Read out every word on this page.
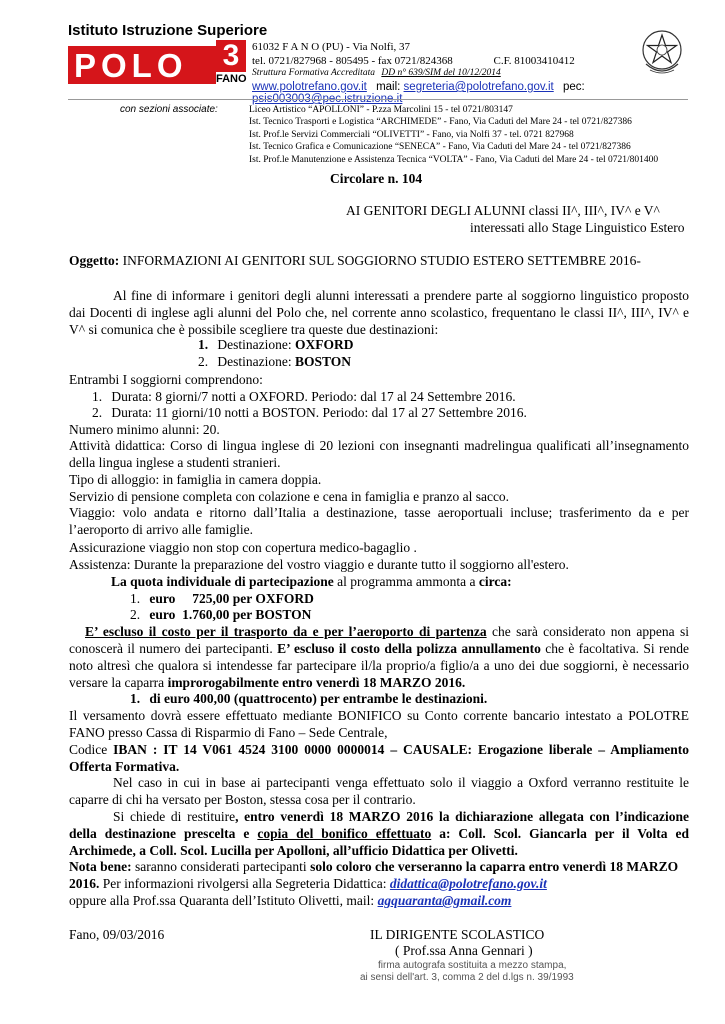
Istituto Istruzione Superiore
POLO 3
FANO
61032 F A N O (PU) - Via Nolfi, 37
tel. 0721/827968 - 805495 - fax 0721/824368	C.F. 81003410412
Struttura Formativa Accreditata DD n° 639/SIM del 10/12/2014
www.polotrefano.gov.it mail: segreteria@polotrefano.gov.it pec: psis003003@pec.istruzione.it
con sezioni associate:	Liceo Artistico “APOLLONI” - P.zza Marcolini 15 - tel 0721/803147
Ist. Tecnico Trasporti e Logistica “ARCHIMEDE” - Fano, Via Caduti del Mare 24 - tel 0721/827386
Ist. Prof.le Servizi Commerciali “OLIVETTI” - Fano, via Nolfi 37 - tel. 0721 827968
Ist. Tecnico Grafica e Comunicazione “SENECA” - Fano, Via Caduti del Mare 24 - tel 0721/827386
Ist. Prof.le Manutenzione e Assistenza Tecnica “VOLTA” - Fano, Via Caduti del Mare 24 - tel 0721/801400
Circolare n. 104
AI GENITORI DEGLI ALUNNI classi II^, III^, IV^ e V^
interessati allo Stage Linguistico Estero
Oggetto: INFORMAZIONI AI GENITORI SUL SOGGIORNO STUDIO ESTERO SETTEMBRE 2016-
Al fine di informare i genitori degli alunni interessati a prendere parte al soggiorno linguistico proposto dai Docenti di inglese agli alunni del Polo che, nel corrente anno scolastico, frequentano le classi II^, III^, IV^ e V^ si comunica che è possibile scegliere tra queste due destinazioni:
1. Destinazione: OXFORD
2. Destinazione: BOSTON
Entrambi I soggiorni comprendono:
1. Durata: 8 giorni/7 notti a OXFORD. Periodo: dal 17 al 24 Settembre 2016.
2. Durata: 11 giorni/10 notti a BOSTON. Periodo: dal 17 al 27 Settembre 2016.
Numero minimo alunni: 20.
Attività didattica: Corso di lingua inglese di 20 lezioni con insegnanti madrelingua qualificati all’insegnamento della lingua inglese a studenti stranieri.
Tipo di alloggio: in famiglia in camera doppia.
Servizio di pensione completa con colazione e cena in famiglia e pranzo al sacco.
Viaggio: volo andata e ritorno dall’Italia a destinazione, tasse aeroportuali incluse; trasferimento da e per l’aeroporto di arrivo alle famiglie.
Assicurazione viaggio non stop con copertura medico-bagaglio .
Assistenza: Durante la preparazione del vostro viaggio e durante tutto il soggiorno all'estero.
La quota individuale di partecipazione al programma ammonta a circa:
1. euro     725,00 per OXFORD
2. euro  1.760,00 per BOSTON
E’ escluso il costo per il trasporto da e per l’aeroporto di partenza che sarà considerato non appena si conoscerà il numero dei partecipanti. E’ escluso il costo della polizza annullamento che è facoltativa. Si rende noto altresì che qualora si intendesse far partecipare il/la proprio/a figlio/a a uno dei due soggiorni, è necessario versare la caparra improrogabilmente entro venerdì 18 MARZO 2016.
1. di euro 400,00 (quattrocento) per entrambe le destinazioni.
Il versamento dovrà essere effettuato mediante BONIFICO su Conto corrente bancario intestato a POLOTRE FANO presso Cassa di Risparmio di Fano – Sede Centrale,
Codice IBAN : IT 14 V061 4524 3100 0000 0000014 – CAUSALE: Erogazione liberale – Ampliamento Offerta Formativa.
Nel caso in cui in base ai partecipanti venga effettuato solo il viaggio a Oxford verranno restituite le caparre di chi ha versato per Boston, stessa cosa per il contrario.
Si chiede di restituire, entro venerdì 18 MARZO 2016 la dichiarazione allegata con l’indicazione della destinazione prescelta e copia del bonifico effettuato a: Coll. Scol. Giancarla per il Volta ed Archimede, a Coll. Scol. Lucilla per Apolloni, all’ufficio Didattica per Olivetti.
Nota bene: saranno considerati partecipanti solo coloro che verseranno la caparra entro venerdì 18 MARZO 2016. Per informazioni rivolgersi alla Segreteria Didattica: didattica@polotrefano.gov.it
oppure alla Prof.ssa Quaranta dell’Istituto Olivetti, mail: agquaranta@gmail.com
Fano, 09/03/2016	IL DIRIGENTE SCOLASTICO
( Prof.ssa Anna Gennari )
firma autografa sostituita a mezzo stampa,
ai sensi dell'art. 3, comma 2 del d.lgs n. 39/1993
